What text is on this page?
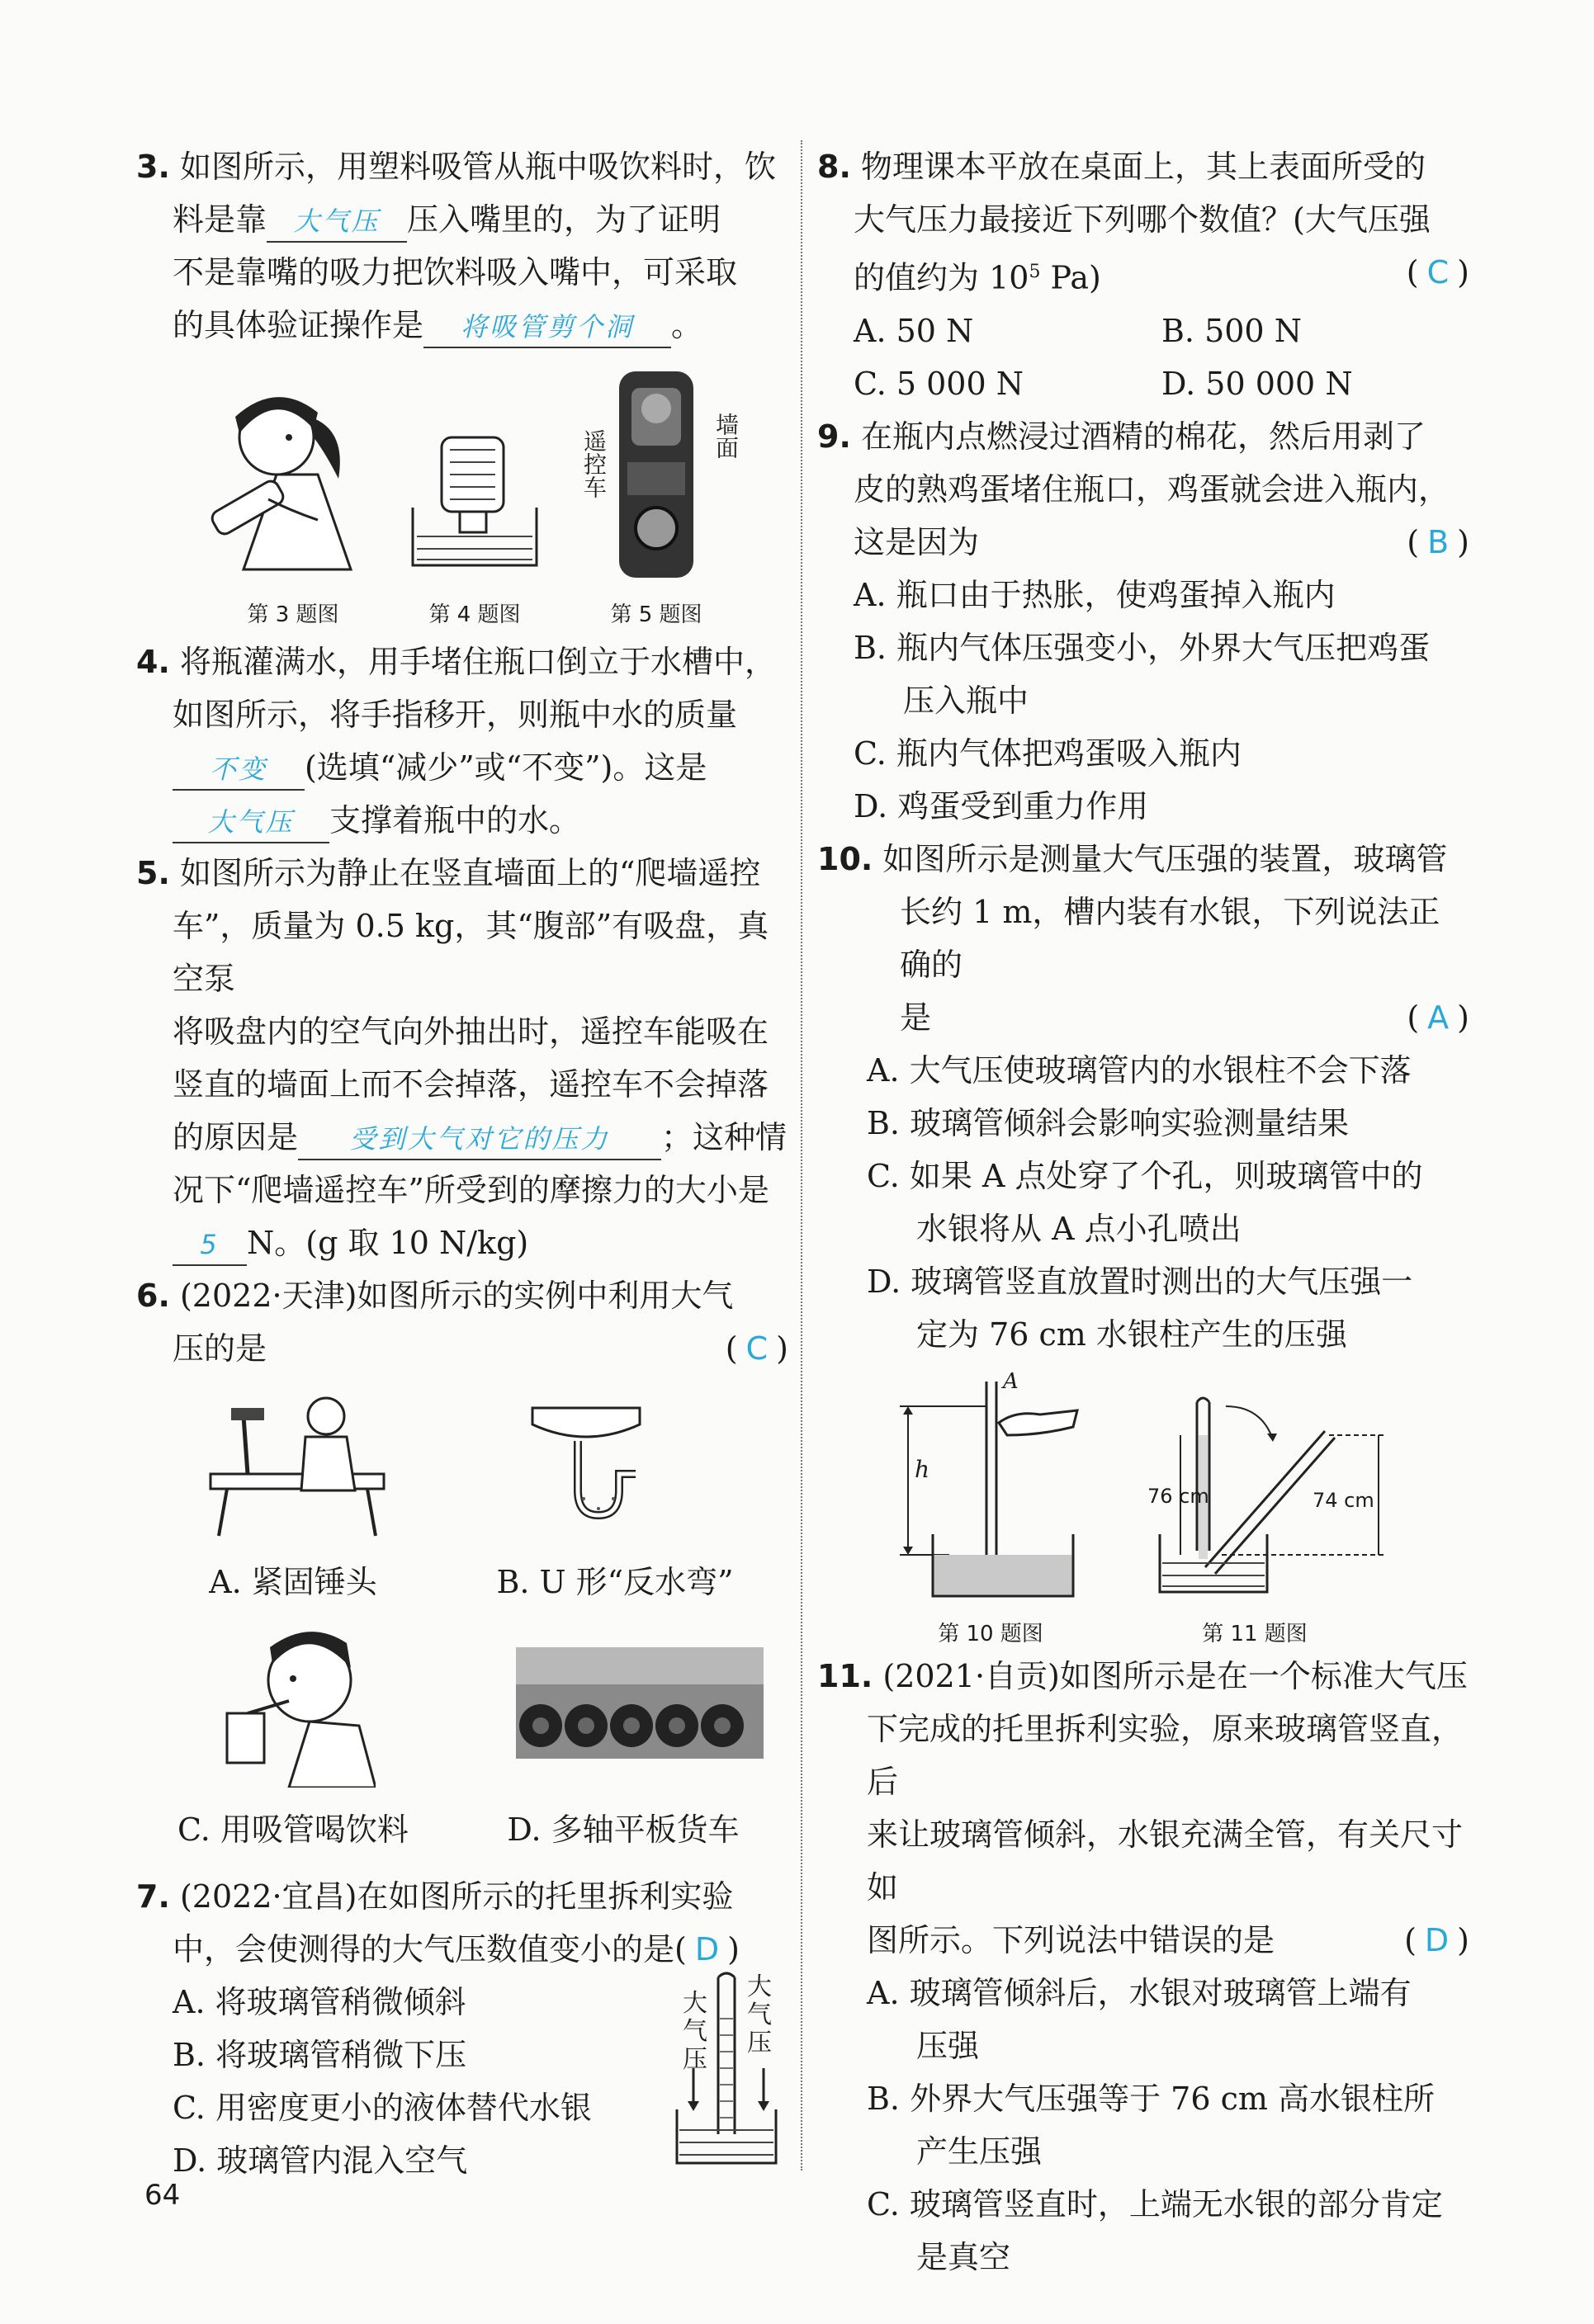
3. 如图所示，用塑料吸管从瓶中吸饮料时，饮
料是靠 大气压 压入嘴里的，为了证明
不是靠嘴的吸力把饮料吸入嘴中，可采取
的具体验证操作是 将吸管剪个洞 。
遥控车	墙面
第 3 题图	第 4 题图	第 5 题图
4. 将瓶灌满水，用手堵住瓶口倒立于水槽中，
如图所示，将手指移开，则瓶中水的质量
不变 (选填“减少”或“不变”)。这是
大气压 支撑着瓶中的水。
5. 如图所示为静止在竖直墙面上的“爬墙遥控
车”，质量为 0.5 kg，其“腹部”有吸盘，真空泵
将吸盘内的空气向外抽出时，遥控车能吸在
竖直的墙面上而不会掉落，遥控车不会掉落
的原因是 受到大气对它的压力 ；这种情
况下“爬墙遥控车”所受到的摩擦力的大小是
5 N。(g 取 10 N/kg)
6. (2022·天津)如图所示的实例中利用大气
压的是	( C )
A. 紧固锤头	B. U 形“反水弯”
C. 用吸管喝饮料	D. 多轴平板货车
7. (2022·宜昌)在如图所示的托里拆利实验
中，会使测得的大气压数值变小的是( D )
A. 将玻璃管稍微倾斜
B. 将玻璃管稍微下压
C. 用密度更小的液体替代水银
D. 玻璃管内混入空气
大气压
大气压
8. 物理课本平放在桌面上，其上表面所受的
大气压力最接近下列哪个数值？(大气压强
的值约为 $10^5$ Pa)	( C )
A. 50 N	B. 500 N
C. 5 000 N	D. 50 000 N
9. 在瓶内点燃浸过酒精的棉花，然后用剥了
皮的熟鸡蛋堵住瓶口，鸡蛋就会进入瓶内，
这是因为	( B )
A. 瓶口由于热胀，使鸡蛋掉入瓶内
B. 瓶内气体压强变小，外界大气压把鸡蛋
压入瓶中
C. 瓶内气体把鸡蛋吸入瓶内
D. 鸡蛋受到重力作用
10. 如图所示是测量大气压强的装置，玻璃管
长约 1 m，槽内装有水银，下列说法正确的
是	( A )
A. 大气压使玻璃管内的水银柱不会下落
B. 玻璃管倾斜会影响实验测量结果
C. 如果 A 点处穿了个孔，则玻璃管中的
水银将从 A 点小孔喷出
D. 玻璃管竖直放置时测出的大气压强一
定为 76 cm 水银柱产生的压强
A
h
76 cm	74 cm
第 10 题图	第 11 题图
11. (2021·自贡)如图所示是在一个标准大气压
下完成的托里拆利实验，原来玻璃管竖直，后
来让玻璃管倾斜，水银充满全管，有关尺寸如
图所示。下列说法中错误的是	( D )
A. 玻璃管倾斜后，水银对玻璃管上端有
压强
B. 外界大气压强等于 76 cm 高水银柱所
产生压强
C. 玻璃管竖直时，上端无水银的部分肯定
是真空
64
